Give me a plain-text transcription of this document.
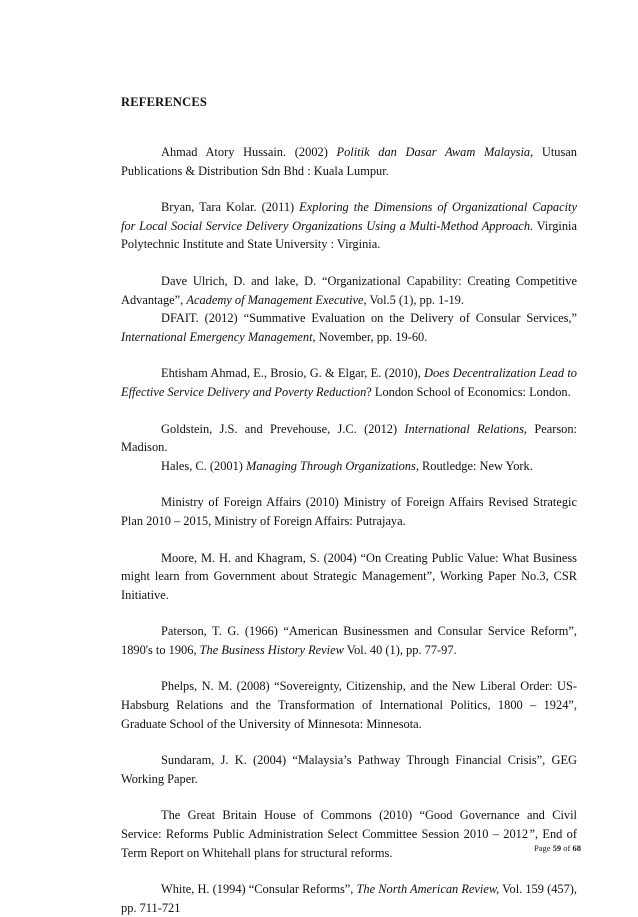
REFERENCES
Ahmad Atory Hussain. (2002) Politik dan Dasar Awam Malaysia, Utusan Publications & Distribution Sdn Bhd : Kuala Lumpur.
Bryan, Tara Kolar. (2011) Exploring the Dimensions of Organizational Capacity for Local Social Service Delivery Organizations Using a Multi-Method Approach. Virginia Polytechnic Institute and State University : Virginia.
Dave Ulrich, D. and lake, D. “Organizational Capability: Creating Competitive Advantage”, Academy of Management Executive, Vol.5 (1), pp. 1-19.
DFAIT. (2012) “Summative Evaluation on the Delivery of Consular Services,” International Emergency Management, November, pp. 19-60.
Ehtisham Ahmad, E., Brosio, G. & Elgar, E. (2010), Does Decentralization Lead to Effective Service Delivery and Poverty Reduction? London School of Economics: London.
Goldstein, J.S. and Prevehouse, J.C. (2012) International Relations, Pearson: Madison.
Hales, C. (2001) Managing Through Organizations, Routledge: New York.
Ministry of Foreign Affairs (2010) Ministry of Foreign Affairs Revised Strategic Plan 2010 – 2015, Ministry of Foreign Affairs: Putrajaya.
Moore, M. H. and Khagram, S. (2004) “On Creating Public Value: What Business might learn from Government about Strategic Management”, Working Paper No.3, CSR Initiative.
Paterson, T. G. (1966) “American Businessmen and Consular Service Reform”, 1890's to 1906, The Business History Review Vol. 40 (1), pp. 77-97.
Phelps, N. M. (2008) “Sovereignty, Citizenship, and the New Liberal Order: US-Habsburg Relations and the Transformation of International Politics, 1800 – 1924”, Graduate School of the University of Minnesota: Minnesota.
Sundaram, J. K. (2004) “Malaysia’s Pathway Through Financial Crisis”, GEG Working Paper.
The Great Britain House of Commons (2010) “Good Governance and Civil Service: Reforms Public Administration Select Committee Session 2010 – 2012”, End of Term Report on Whitehall plans for structural reforms.
White, H. (1994) “Consular Reforms”, The North American Review, Vol. 159 (457), pp. 711-721
Page 59 of 68
